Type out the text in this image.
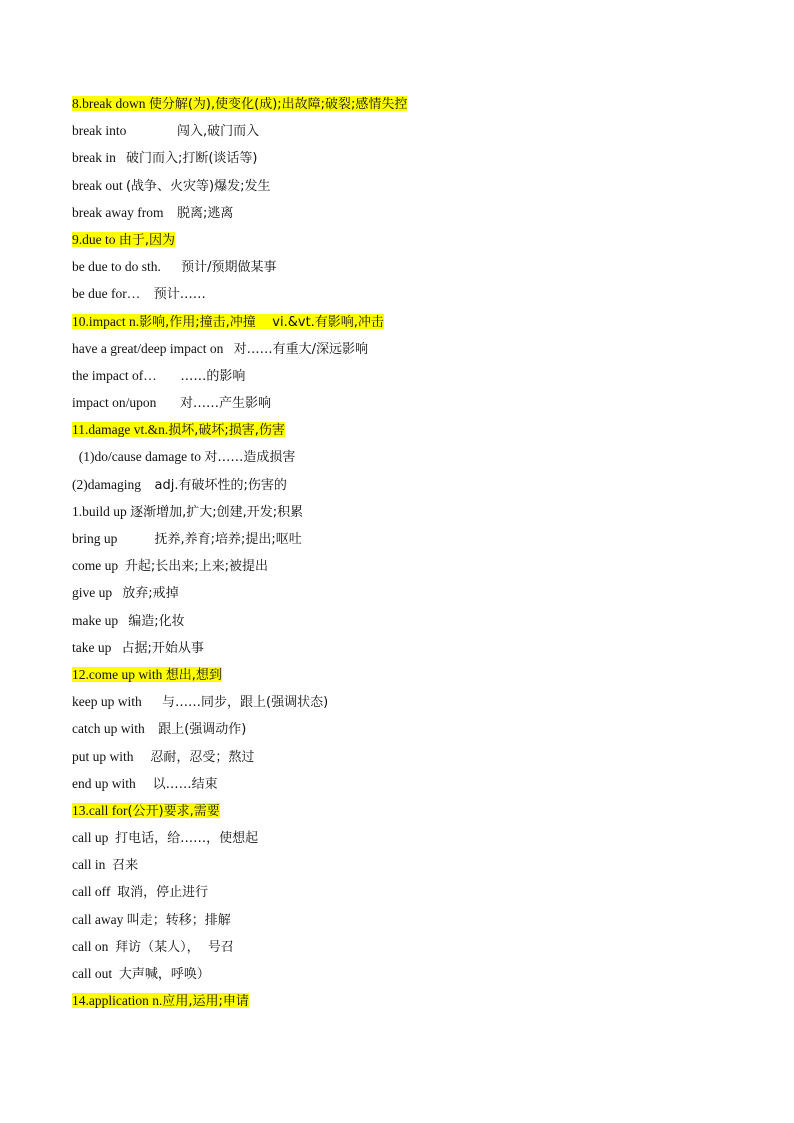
8.break down 使分解(为),使变化(成);出故障;破裂;感情失控
break into	闯入,破门而入
break in 破门而入;打断(谈话等)
break out (战争、火灾等)爆发;发生
break away from 脱离;逃离
9.due to 由于,因为
be due to do sth. 预计/预期做某事
be due for… 预计……
10.impact n.影响,作用;撞击,冲撞    vi.&vt.有影响,冲击
have a great/deep impact on 对……有重大/深远影响
the impact of… ……的影响
impact on/upon 对……产生影响
11.damage vt.&n.损坏,破坏;损害,伤害
(1)do/cause damage to 对……造成损害
(2)damaging adj.有破坏性的;伤害的
1.build up 逐渐增加,扩大;创建,开发;积累
bring up	抚养,养育;培养;提出;呕吐
come up 升起;长出来;上来;被提出
give up 放弃;戒掉
make up 编造;化妆
take up 占据;开始从事
12.come up with 想出,想到
keep up with 与……同步，跟上(强调状态)
catch up with 跟上(强调动作)
put up with 忍耐，忍受；熬过
end up with 以……结束
13.call for(公开)要求,需要
call up  打电话，给……，使想起
call in  召来
call off  取消，停止进行
call away 叫走；转移；排解
call on  拜访（某人），  号召
call out  大声喊，呼唤）
14.application n.应用,运用;申请
